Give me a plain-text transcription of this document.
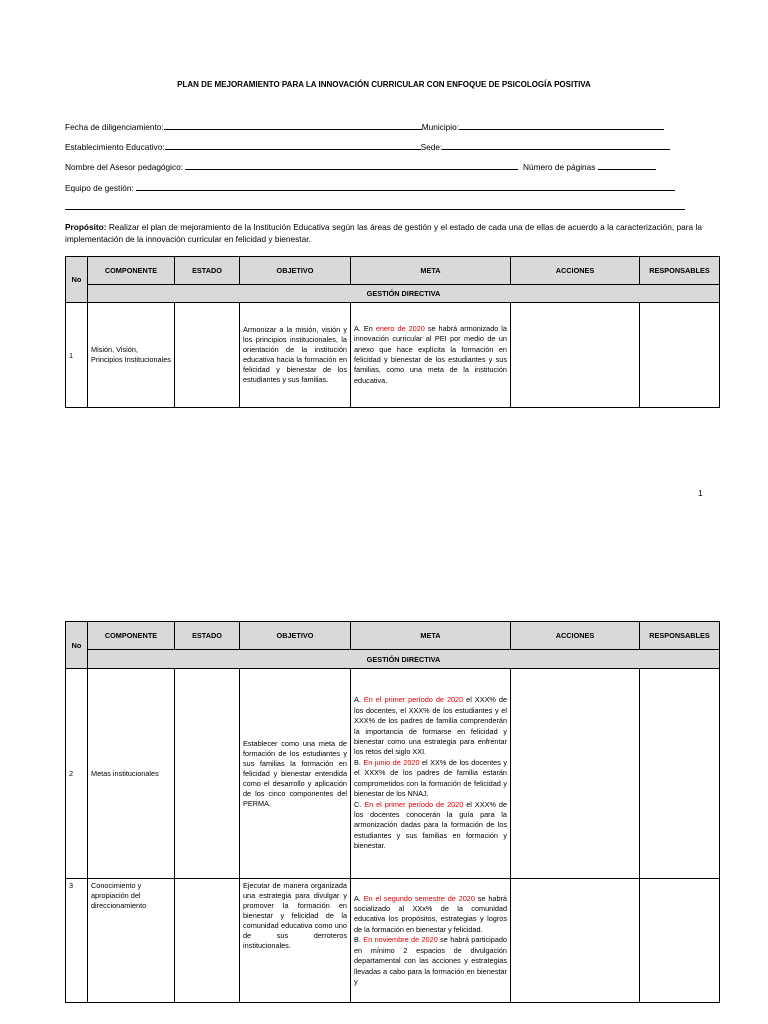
PLAN DE MEJORAMIENTO PARA LA INNOVACIÓN CURRICULAR CON ENFOQUE DE PSICOLOGÍA POSITIVA
Fecha de diligenciamiento:	Municipio:
Establecimiento Educativo:	Sede:
Nombre del Asesor pedagógico:	Número de páginas
Equipo de gestión:
Propósito: Realizar el plan de mejoramiento de la Institución Educativa según las áreas de gestión y el estado de cada una de ellas de acuerdo a la caracterización, para la implementación de la innovación curricular en felicidad y bienestar.
No	COMPONENTE	ESTADO	OBJETIVO	META	ACCIONES	RESPONSABLES
	GESTIÓN DIRECTIVA					
1	Misión, Visión, Principios Institucionales		Armonizar a la misión, visión y los principios institucionales, la orientación de la institución educativa hacia la formación en felicidad y bienestar de los estudiantes y sus familias.	A. En enero de 2020 se habrá armonizado la innovación curricular al PEI por medio de un anexo que hace explícita la formación en felicidad y bienestar de los estudiantes y sus familias, como una meta de la institución educativa.		
1
No	COMPONENTE	ESTADO	OBJETIVO	META	ACCIONES	RESPONSABLES
	GESTIÓN DIRECTIVA					
2	Metas institucionales		Establecer como una meta de formación de los estudiantes y sus familias la formación en felicidad y bienestar entendida como el desarrollo y aplicación de los cinco componentes del PERMA.	A. En el primer período de 2020 el XXX% de los docentes, el XXX% de los estudiantes y el XXX% de los padres de familia comprenderán la importancia de formarse en felicidad y bienestar como una estrategia para enfrentar los retos del siglo XXI.
B. En junio de 2020 el XX% de los docentes y el XXX% de los padres de familia estarán comprometidos con la formación de felicidad y bienestar de los NNAJ.
C. En el primer período de 2020 el XXX% de los docentes conocerán la guía para la armonización dadas para la formación de los estudiantes y sus familias en formación y bienestar.		
3	Conocimiento y apropiación del direccionamiento		Ejecutar de manera organizada una estrategia para divulgar y promover la formación en bienestar y felicidad de la comunidad educativa como uno de sus derroteros institucionales.	A. En el segundo semestre de 2020 se habrá socializado al XXx% de la comunidad educativa los propósitos, estrategias y logros de la formación en bienestar y felicidad.
B. En noviembre de 2020 se habrá participado en mínimo 2 espacios de divulgación departamental con las acciones y estrategias llevadas a cabo para la formación en bienestar y		
